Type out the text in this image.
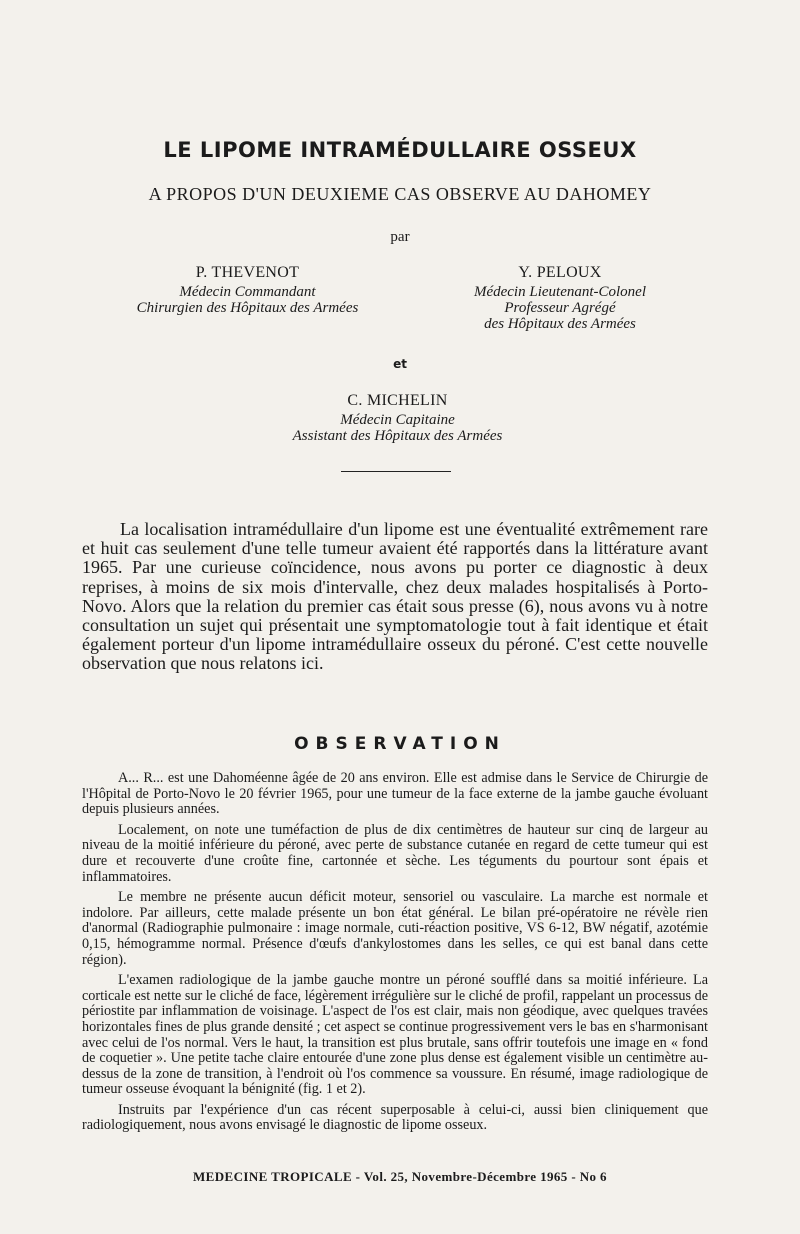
LE LIPOME INTRAMÉDULLAIRE OSSEUX
A PROPOS D'UN DEUXIEME CAS OBSERVE AU DAHOMEY
par
P. THEVENOT
Médecin Commandant
Chirurgien des Hôpitaux des Armées
Y. PELOUX
Médecin Lieutenant-Colonel
Professeur Agrégé
des Hôpitaux des Armées
et
C. MICHELIN
Médecin Capitaine
Assistant des Hôpitaux des Armées
La localisation intramédullaire d'un lipome est une éventualité extrêmement rare et huit cas seulement d'une telle tumeur avaient été rapportés dans la littérature avant 1965. Par une curieuse coïncidence, nous avons pu porter ce diagnostic à deux reprises, à moins de six mois d'intervalle, chez deux malades hospitalisés à Porto-Novo. Alors que la relation du premier cas était sous presse (6), nous avons vu à notre consultation un sujet qui présentait une symptomatologie tout à fait identique et était également porteur d'un lipome intramédullaire osseux du péroné. C'est cette nouvelle observation que nous relatons ici.
OBSERVATION

A... R... est une Dahoméenne âgée de 20 ans environ. Elle est admise dans le Service de Chirurgie de l'Hôpital de Porto-Novo le 20 février 1965, pour une tumeur de la face externe de la jambe gauche évoluant depuis plusieurs années.

Localement, on note une tuméfaction de plus de dix centimètres de hauteur sur cinq de largeur au niveau de la moitié inférieure du péroné, avec perte de substance cutanée en regard de cette tumeur qui est dure et recouverte d'une croûte fine, cartonnée et sèche. Les téguments du pourtour sont épais et inflammatoires.

Le membre ne présente aucun déficit moteur, sensoriel ou vasculaire. La marche est normale et indolore. Par ailleurs, cette malade présente un bon état général. Le bilan pré-opératoire ne révèle rien d'anormal (Radiographie pulmonaire : image normale, cuti-réaction positive, VS 6-12, BW négatif, azotémie 0,15, hémogramme normal. Présence d'œufs d'ankylostomes dans les selles, ce qui est banal dans cette région).

L'examen radiologique de la jambe gauche montre un péroné soufflé dans sa moitié inférieure. La corticale est nette sur le cliché de face, légèrement irrégulière sur le cliché de profil, rappelant un processus de périostite par inflammation de voisinage. L'aspect de l'os est clair, mais non géodique, avec quelques travées horizontales fines de plus grande densité ; cet aspect se continue progressivement vers le bas en s'harmonisant avec celui de l'os normal. Vers le haut, la transition est plus brutale, sans offrir toutefois une image en « fond de coquetier ». Une petite tache claire entourée d'une zone plus dense est également visible un centimètre au-dessus de la zone de transition, à l'endroit où l'os commence sa voussure. En résumé, image radiologique de tumeur osseuse évoquant la bénignité (fig. 1 et 2).

Instruits par l'expérience d'un cas récent superposable à celui-ci, aussi bien cliniquement que radiologiquement, nous avons envisagé le diagnostic de lipome osseux.

MEDECINE TROPICALE - Vol. 25, Novembre-Décembre 1965 - No 6
